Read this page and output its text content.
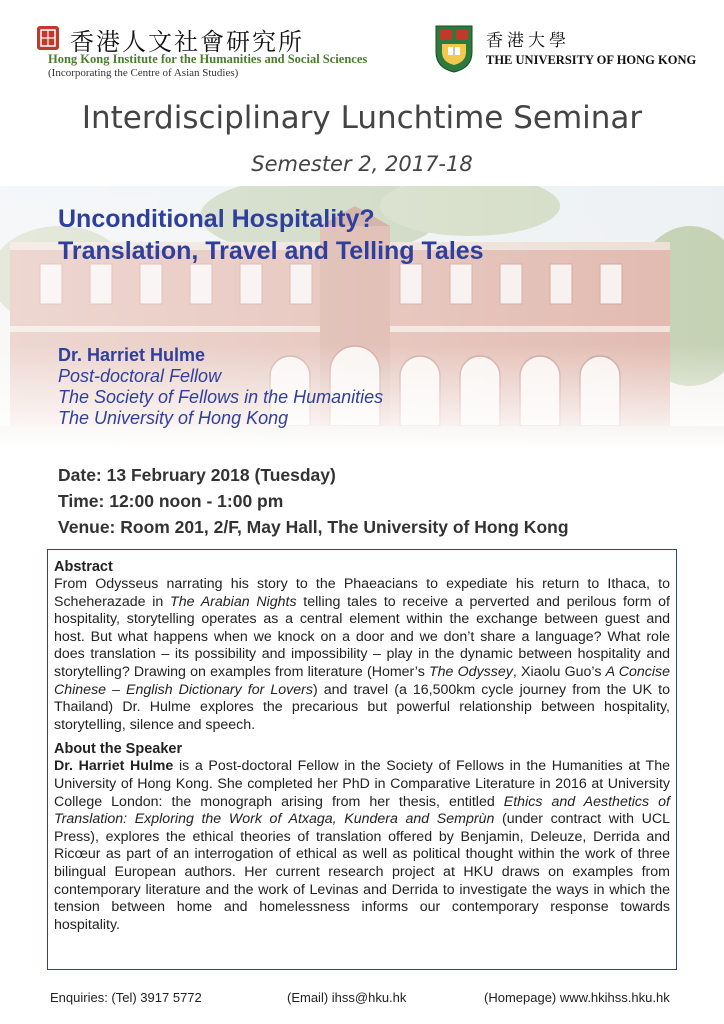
香港人文社會研究所
Hong Kong Institute for the Humanities and Social Sciences
(Incorporating the Centre of Asian Studies)
香港大學
THE UNIVERSITY OF HONG KONG
Interdisciplinary Lunchtime Seminar
Semester 2, 2017-18
Unconditional Hospitality?
Translation, Travel and Telling Tales
Dr. Harriet Hulme
Post-doctoral Fellow
The Society of Fellows in the Humanities
The University of Hong Kong
Date: 13 February 2018 (Tuesday)
Time: 12:00 noon - 1:00 pm
Venue: Room 201, 2/F, May Hall, The University of Hong Kong
Abstract

From Odysseus narrating his story to the Phaeacians to expediate his return to Ithaca, to Scheherazade in The Arabian Nights telling tales to receive a perverted and perilous form of hospitality, storytelling operates as a central element within the exchange between guest and host. But what happens when we knock on a door and we don’t share a language? What role does translation – its possibility and impossibility – play in the dynamic between hospitality and storytelling? Drawing on examples from literature (Homer’s The Odyssey, Xiaolu Guo’s A Concise Chinese – English Dictionary for Lovers) and travel (a 16,500km cycle journey from the UK to Thailand) Dr. Hulme explores the precarious but powerful relationship between hospitality, storytelling, silence and speech.

About the Speaker

Dr. Harriet Hulme is a Post-doctoral Fellow in the Society of Fellows in the Humanities at The University of Hong Kong. She completed her PhD in Comparative Literature in 2016 at University College London: the monograph arising from her thesis, entitled Ethics and Aesthetics of Translation: Exploring the Work of Atxaga, Kundera and Semprùn (under contract with UCL Press), explores the ethical theories of translation offered by Benjamin, Deleuze, Derrida and Ricœur as part of an interrogation of ethical as well as political thought within the work of three bilingual European authors. Her current research project at HKU draws on examples from contemporary literature and the work of Levinas and Derrida to investigate the ways in which the tension between home and homelessness informs our contemporary response towards hospitality.

Enquiries: (Tel) 3917 5772	(Email) ihss@hku.hk	(Homepage) www.hkihss.hku.hk
